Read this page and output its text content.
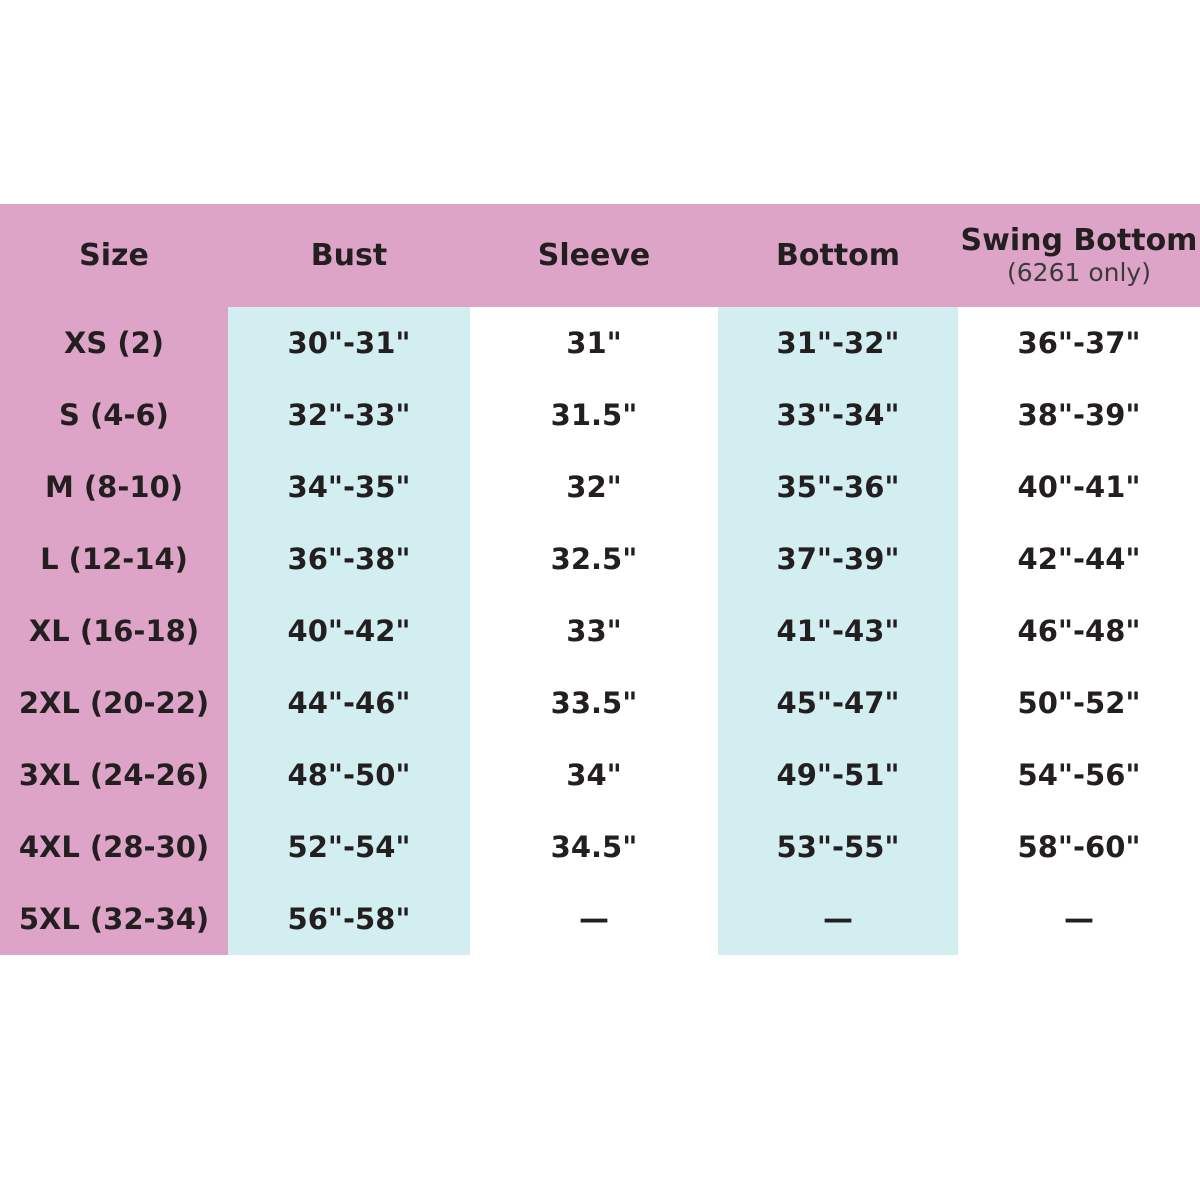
Size	Bust	Sleeve	Bottom	Swing Bottom
(6261 only)

XS (2)	30"-31"	31"	31"-32"	36"-37"
S (4-6)	32"-33"	31.5"	33"-34"	38"-39"
M (8-10)	34"-35"	32"	35"-36"	40"-41"
L (12-14)	36"-38"	32.5"	37"-39"	42"-44"
XL (16-18)	40"-42"	33"	41"-43"	46"-48"
2XL (20-22)	44"-46"	33.5"	45"-47"	50"-52"
3XL (24-26)	48"-50"	34"	49"-51"	54"-56"
4XL (28-30)	52"-54"	34.5"	53"-55"	58"-60"
5XL (32-34)	56"-58"	—	—	—
